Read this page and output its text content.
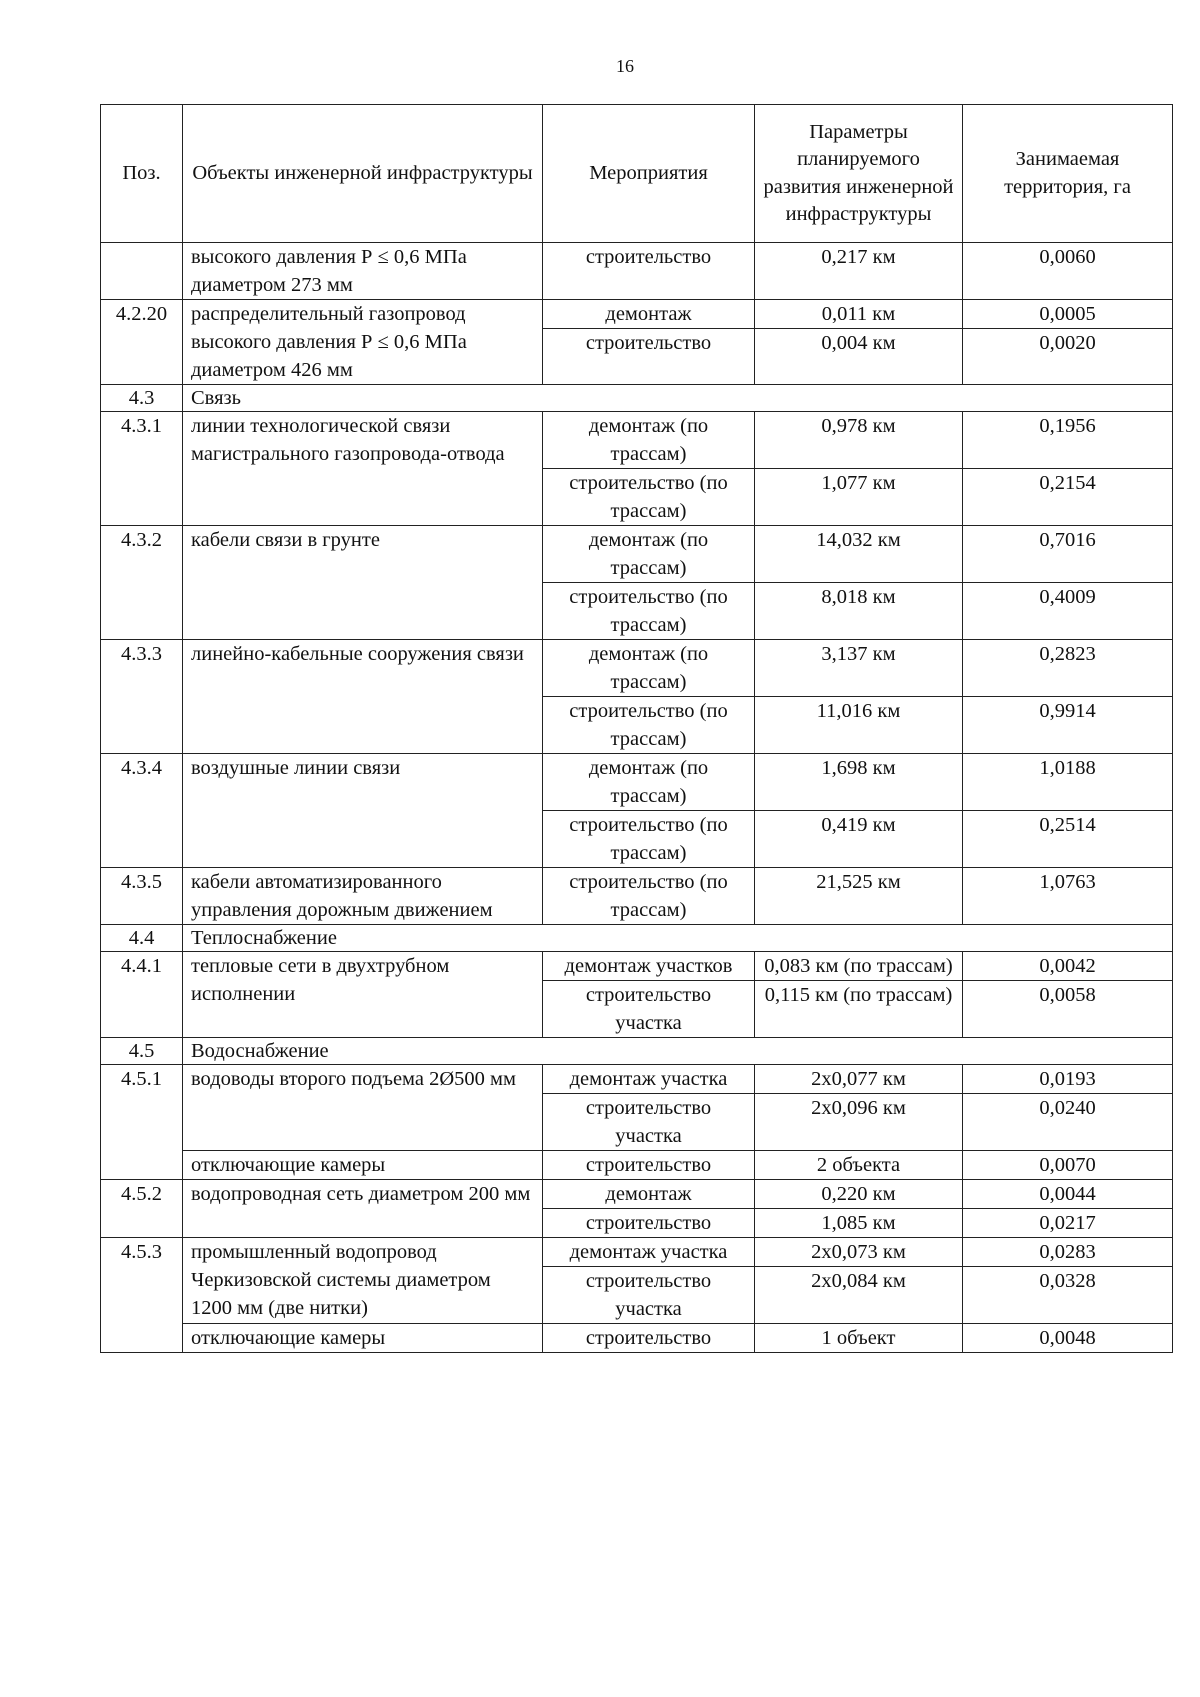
16
Поз.	Объекты инженерной инфраструктуры	Мероприятия	Параметры планируемого развития инженерной инфраструктуры	Занимаемая территория, га
	высокого давления Р ≤ 0,6 МПа диаметром 273 мм	строительство	0,217 км	0,0060
4.2.20	распределительный газопровод высокого давления Р ≤ 0,6 МПа диаметром 426 мм	демонтаж	0,011 км	0,0005
		строительство	0,004 км	0,0020
4.3	Связь			
4.3.1	линии технологической связи магистрального газопровода-отвода	демонтаж (по трассам)	0,978 км	0,1956
		строительство (по трассам)	1,077 км	0,2154
4.3.2	кабели связи в грунте	демонтаж (по трассам)	14,032 км	0,7016
		строительство (по трассам)	8,018 км	0,4009
4.3.3	линейно-кабельные сооружения связи	демонтаж (по трассам)	3,137 км	0,2823
		строительство (по трассам)	11,016 км	0,9914
4.3.4	воздушные линии связи	демонтаж (по трассам)	1,698 км	1,0188
		строительство (по трассам)	0,419 км	0,2514
4.3.5	кабели автоматизированного управления дорожным движением	строительство (по трассам)	21,525 км	1,0763
4.4	Теплоснабжение			
4.4.1	тепловые сети в двухтрубном исполнении	демонтаж участков	0,083 км (по трассам)	0,0042
		строительство участка	0,115 км (по трассам)	0,0058
4.5	Водоснабжение			
4.5.1	водоводы второго подъема 2Ø500 мм	демонтаж участка	2х0,077 км	0,0193
		строительство участка	2х0,096 км	0,0240
	отключающие камеры	строительство	2 объекта	0,0070
4.5.2	водопроводная сеть диаметром 200 мм	демонтаж	0,220 км	0,0044
		строительство	1,085 км	0,0217
4.5.3	промышленный водопровод Черкизовской системы диаметром 1200 мм (две нитки)	демонтаж участка	2х0,073 км	0,0283
		строительство участка	2х0,084 км	0,0328
	отключающие камеры	строительство	1 объект	0,0048
